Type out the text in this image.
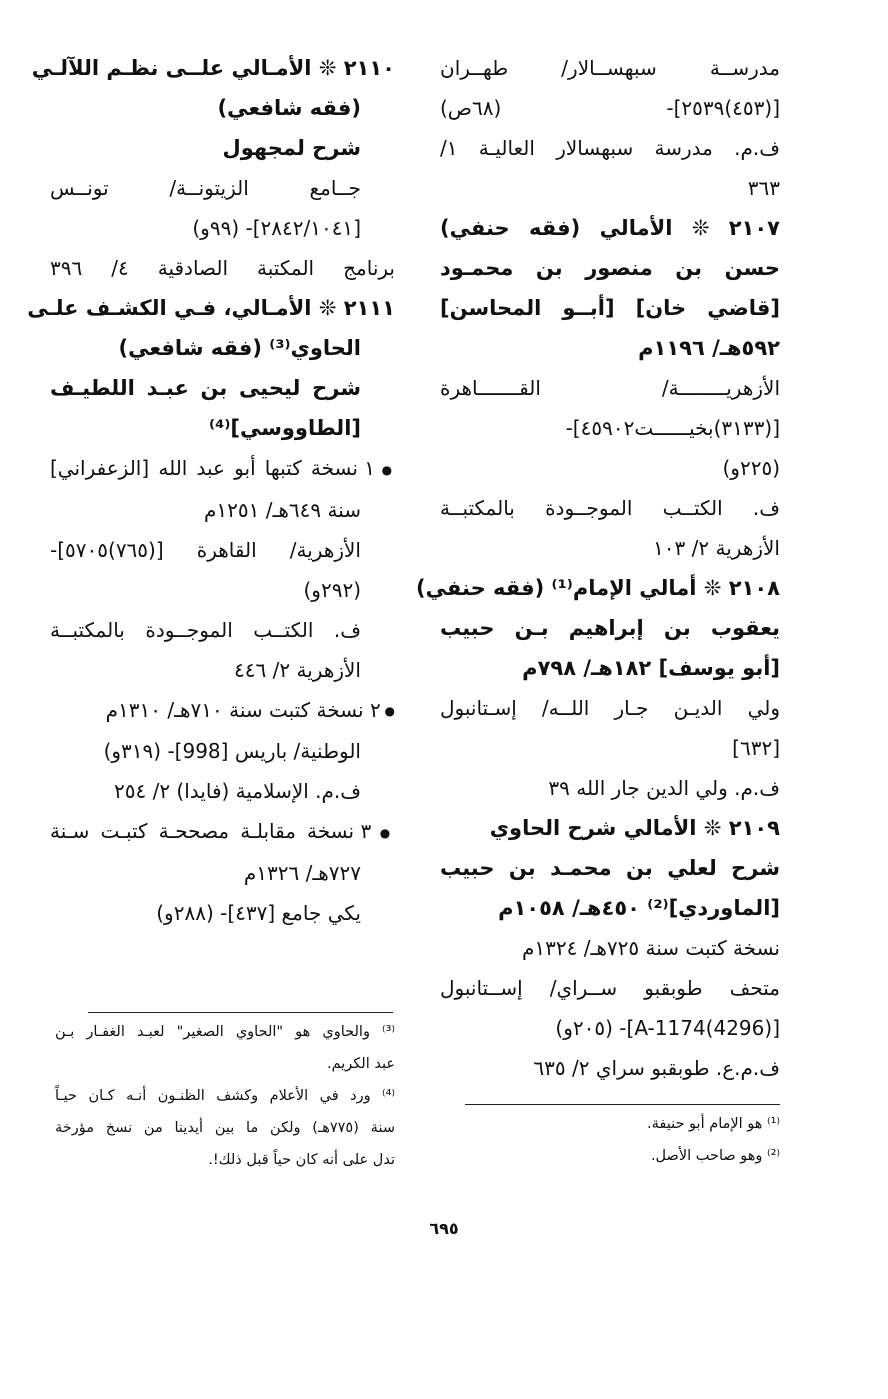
مدرســة سبهســالار/ طهــران
[(٤٥٣)٢٥٣٩]- (٦٨ص)
ف.م. مدرسة سبهسالار العاليـة ١/
٣٦٣
٢١٠٧ ❊ الأمالي (فقه حنفي)
حسن بن منصور بن محمـود
[قاضي خان] [أبــو المحاسن]
٥٩٢هـ/ ١١٩٦م
الأزهريــــــــة/ القـــــــاهرة
[(٣١٣٣)بخيــــــت٤٥٩٠٢]-
(٢٢٥و)
ف. الكتــب الموجــودة بالمكتبــة
الأزهرية ٢/ ١٠٣
٢١٠٨ ❊ أمالي الإمام⁽¹⁾ (فقه حنفي)
يعقوب بن إبراهيم بـن حبيب
[أبو يوسف] ١٨٢هـ/ ٧٩٨م
ولي الديـن جـار اللــه/ إسـتانبول
[٦٣٢]
ف.م. ولي الدين جار الله ٣٩
٢١٠٩ ❊ الأمالي شرح الحاوي
شرح لعلي بن محمـد بن حبيب
[الماوردي]⁽²⁾ ٤٥٠هـ/ ١٠٥٨م
نسخة كتبت سنة ٧٢٥هـ/ ١٣٢٤م
متحف طوبقبو ســراي/ إســتانبول
[A-1174(4296)]- (٢٠٥و)
ف.م.ع. طوبقبو سراي ٢/ ٦٣٥
٢١١٠ ❊ الأمـالي علــى نظـم اللآلـي
(فقه شافعي)
شرح لمجهول
جــامع الزيتونــة/ تونــس
[٢٨٤٢/١٠٤١]- (٩٩و)
برنامج المكتبة الصادقية ٤/ ٣٩٦
٢١١١ ❊ الأمـالي، فـي الكشـف علـى
الحاوي⁽³⁾ (فقه شافعي)
شرح ليحيى بن عبـد اللطيـف
[الطاووسي]⁽⁴⁾
● ١ نسخة كتبها أبو عبد الله [الزعفراني]
سنة ٦٤٩هـ/ ١٢٥١م
الأزهرية/ القاهرة [(٧٦٥)٥٧٠٥]-
(٢٩٢و)
ف. الكتــب الموجــودة بالمكتبــة
الأزهرية ٢/ ٤٤٦
● ٢ نسخة كتبت سنة ٧١٠هـ/ ١٣١٠م
الوطنية/ باريس [998]- (٣١٩و)
ف.م. الإسلامية (فايدا) ٢/ ٢٥٤
● ٣ نسخة مقابلـة مصححـة كتبـت سـنة
٧٢٧هـ/ ١٣٢٦م
يكي جامع [٤٣٧]- (٢٨٨و)
⁽¹⁾ هو الإمام أبو حنيفة.
⁽²⁾ وهو صاحب الأصل.
⁽³⁾ والحاوي هو "الحاوي الصغير" لعبـد الغفـار بـن
عبد الكريم.
⁽⁴⁾ ورد في الأعلام وكشف الظنـون أنـه كـان حيـاً
سنة (٧٧٥هـ) ولكن ما بين أيدينا من نسخ مؤرخة
تدل على أنه كان حياً قبل ذلك!.
٦٩٥
